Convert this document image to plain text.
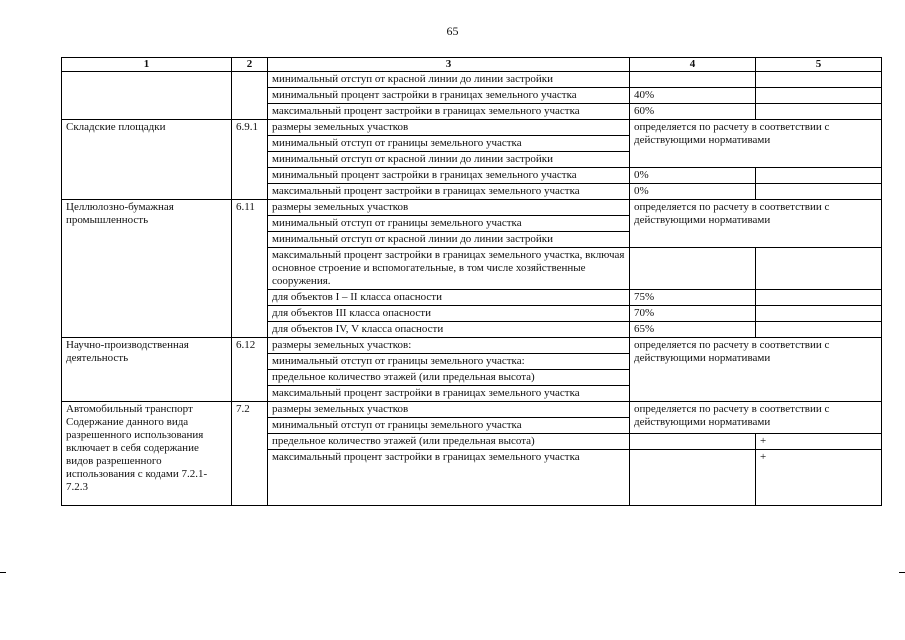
65
1	2	3	4	5
		минимальный отступ от красной линии до линии застройки		
		минимальный процент застройки в границах земельного участка	40%	
		максимальный процент застройки в границах земельного участка	60%	
Складские площадки	6.9.1	размеры земельных участков	определяется по расчету в соответствии с действующими нормативами	
		минимальный отступ от границы земельного участка		
		минимальный отступ от красной линии до линии застройки		
		минимальный процент застройки в границах земельного участка	0%	
		максимальный процент застройки в границах земельного участка	0%	
Целлюлозно-бумажная промышленность	6.11	размеры земельных участков	определяется по расчету в соответствии с действующими нормативами	
		минимальный отступ от границы земельного участка		
		минимальный отступ от красной линии до линии застройки		
		максимальный процент застройки в границах земельного участка, включая основное строение и вспомогательные, в том числе хозяйственные сооружения.		
		для объектов I – II класса опасности	75%	
		для объектов III класса опасности	70%	
		для объектов IV, V класса опасности	65%	
Научно-производственная деятельность	6.12	размеры земельных участков:	определяется по расчету в соответствии с действующими нормативами	
		минимальный отступ от границы земельного участка:		
		предельное количество этажей (или предельная высота)		
		максимальный процент застройки в границах земельного участка		
Автомобильный транспорт Содержание данного вида разрешенного использования включает в себя содержание видов разрешенного использования с кодами 7.2.1-7.2.3	7.2	размеры земельных участков	определяется по расчету в соответствии с действующими нормативами	
		минимальный отступ от границы земельного участка		
		предельное количество этажей (или предельная высота)		+
		максимальный процент застройки в границах земельного участка		+
